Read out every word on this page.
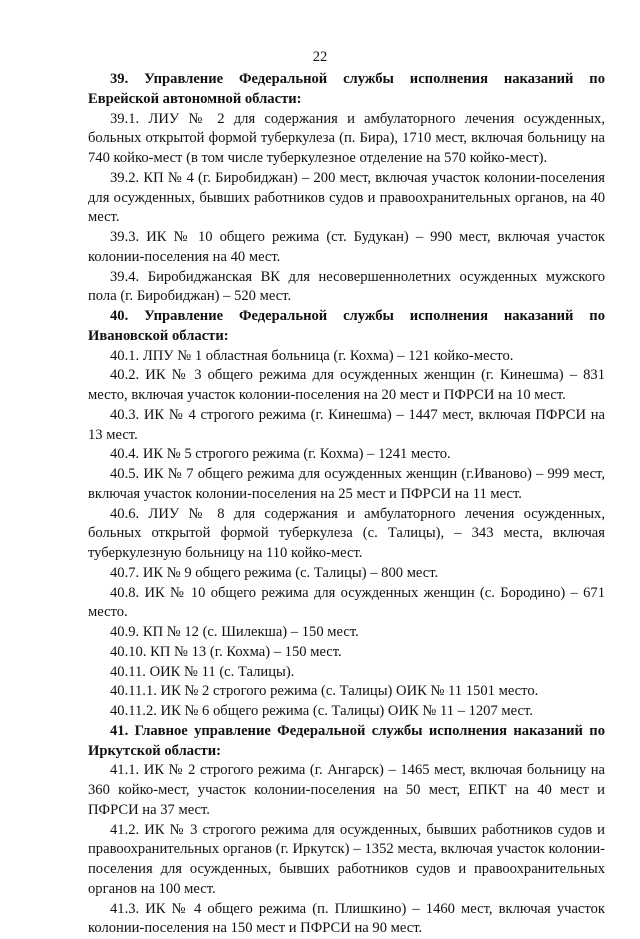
22

39. Управление Федеральной службы исполнения наказаний по Еврейской автономной области:

39.1. ЛИУ № 2 для содержания и амбулаторного лечения осужденных, больных открытой формой туберкулеза (п. Бира), 1710 мест, включая больницу на 740 койко-мест (в том числе туберкулезное отделение на 570 койко-мест).

39.2. КП № 4 (г. Биробиджан) – 200 мест, включая участок колонии-поселения для осужденных, бывших работников судов и правоохранительных органов, на 40 мест.

39.3. ИК № 10 общего режима (ст. Будукан) – 990 мест, включая участок колонии-поселения на 40 мест.

39.4. Биробиджанская ВК для несовершеннолетних осужденных мужского пола (г. Биробиджан) – 520 мест.

40. Управление Федеральной службы исполнения наказаний по Ивановской области:

40.1. ЛПУ № 1 областная больница (г. Кохма) – 121 койко-место.

40.2. ИК № 3 общего режима для осужденных женщин (г. Кинешма) – 831 место, включая участок колонии-поселения на 20 мест и ПФРСИ на 10 мест.

40.3. ИК № 4 строгого режима (г. Кинешма) – 1447 мест, включая ПФРСИ на 13 мест.

40.4. ИК № 5 строгого режима (г. Кохма) – 1241 место.

40.5. ИК № 7 общего режима для осужденных женщин (г.Иваново) – 999 мест, включая участок колонии-поселения на 25 мест и ПФРСИ на 11 мест.

40.6. ЛИУ № 8 для содержания и амбулаторного лечения осужденных, больных открытой формой туберкулеза (с. Талицы), – 343 места, включая туберкулезную больницу на 110 койко-мест.

40.7. ИК № 9 общего режима (с. Талицы) – 800 мест.

40.8. ИК № 10 общего режима для осужденных женщин (с. Бородино) – 671 место.

40.9. КП № 12 (с. Шилекша) – 150 мест.

40.10. КП № 13 (г. Кохма) – 150 мест.

40.11. ОИК № 11 (с. Талицы).

40.11.1. ИК № 2 строгого режима (с. Талицы) ОИК № 11 1501 место.

40.11.2. ИК № 6 общего режима (с. Талицы) ОИК № 11 – 1207 мест.

41. Главное управление Федеральной службы исполнения наказаний по Иркутской области:

41.1. ИК № 2 строгого режима (г. Ангарск) – 1465 мест, включая больницу на 360 койко-мест, участок колонии-поселения на 50 мест, ЕПКТ на 40 мест и ПФРСИ на 37 мест.

41.2. ИК № 3 строгого режима для осужденных, бывших работников судов и правоохранительных органов (г. Иркутск) – 1352 места, включая участок колонии-поселения для осужденных, бывших работников судов и правоохранительных органов на 100 мест.

41.3. ИК № 4 общего режима (п. Плишкино) – 1460 мест, включая участок колонии-поселения на 150 мест и ПФРСИ на 90 мест.
